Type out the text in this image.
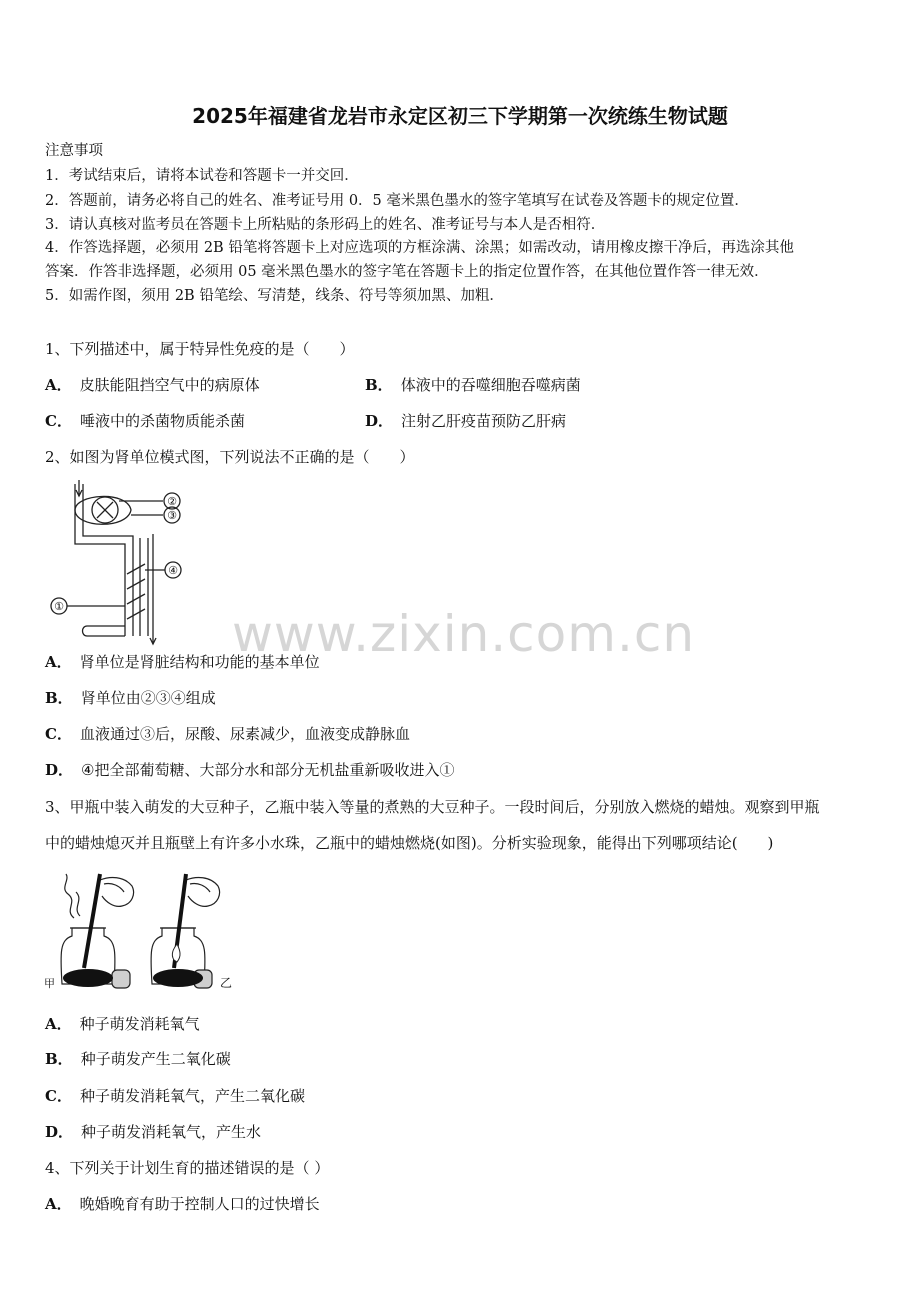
2025年福建省龙岩市永定区初三下学期第一次统练生物试题
注意事项
1．考试结束后，请将本试卷和答题卡一并交回．
2．答题前，请务必将自己的姓名、准考证号用 0．5 毫米黑色墨水的签字笔填写在试卷及答题卡的规定位置．
3．请认真核对监考员在答题卡上所粘贴的条形码上的姓名、准考证号与本人是否相符．
4．作答选择题，必须用 2B 铅笔将答题卡上对应选项的方框涂满、涂黑；如需改动，请用橡皮擦干净后，再选涂其他
答案．作答非选择题，必须用 05 毫米黑色墨水的签字笔在答题卡上的指定位置作答，在其他位置作答一律无效．
5．如需作图，须用 2B 铅笔绘、写清楚，线条、符号等须加黑、加粗．
1、下列描述中，属于特异性免疫的是（　　）
A． 皮肤能阻挡空气中的病原体	B． 体液中的吞噬细胞吞噬病菌
C． 唾液中的杀菌物质能杀菌	D． 注射乙肝疫苗预防乙肝病
2、如图为肾单位模式图，下列说法不正确的是（　　）
②
③
④
①
A． 肾单位是肾脏结构和功能的基本单位
B． 肾单位由②③④组成
C． 血液通过③后，尿酸、尿素减少，血液变成静脉血
D． ④把全部葡萄糖、大部分水和部分无机盐重新吸收进入①
3、甲瓶中装入萌发的大豆种子，乙瓶中装入等量的煮熟的大豆种子。一段时间后，分别放入燃烧的蜡烛。观察到甲瓶
中的蜡烛熄灭并且瓶壁上有许多小水珠，乙瓶中的蜡烛燃烧(如图)。分析实验现象，能得出下列哪项结论(　　)
甲	乙
A． 种子萌发消耗氧气
B． 种子萌发产生二氧化碳
C． 种子萌发消耗氧气，产生二氧化碳
D． 种子萌发消耗氧气，产生水
4、下列关于计划生育的描述错误的是（ ）
A． 晚婚晚育有助于控制人口的过快增长
www.zixin.com.cn
